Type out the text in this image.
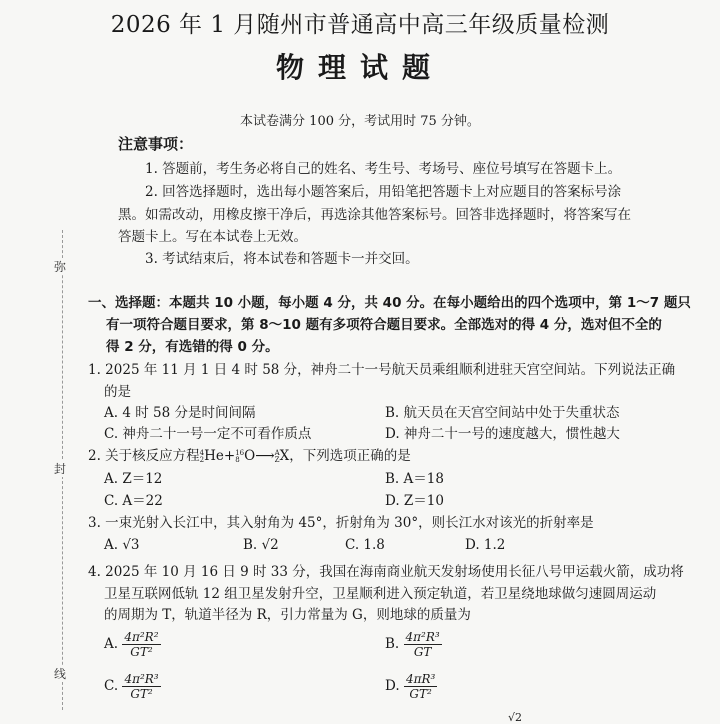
2026 年 1 月随州市普通高中高三年级质量检测
物理试题
本试卷满分 100 分，考试用时 75 分钟。
注意事项：
1. 答题前，考生务必将自己的姓名、考生号、考场号、座位号填写在答题卡上。
2. 回答选择题时，选出每小题答案后，用铅笔把答题卡上对应题目的答案标号涂
黑。如需改动，用橡皮擦干净后，再选涂其他答案标号。回答非选择题时，将答案写在
答题卡上。写在本试卷上无效。
3. 考试结束后，将本试卷和答题卡一并交回。
弥
封
线
一、选择题：本题共 10 小题，每小题 4 分，共 40 分。在每小题给出的四个选项中，第 1～7 题只
有一项符合题目要求，第 8～10 题有多项符合题目要求。全部选对的得 4 分，选对但不全的
得 2 分，有选错的得 0 分。
1. 2025 年 11 月 1 日 4 时 58 分，神舟二十一号航天员乘组顺利进驻天宫空间站。下列说法正确
的是
A. 4 时 58 分是时间间隔	B. 航天员在天宫空间站中处于失重状态
C. 神舟二十一号一定不可看作质点	D. 神舟二十一号的速度越大，惯性越大
2. 关于核反应方程 4
2 He+ 16
8 O⟶ A
Z X，下列选项正确的是
A. Z＝12	B. A＝18
C. A＝22	D. Z＝10
3. 一束光射入长江中，其入射角为 45°，折射角为 30°，则长江水对该光的折射率是
A. √3	B. √2	C. 1.8	D. 1.2
4. 2025 年 10 月 16 日 9 时 33 分，我国在海南商业航天发射场使用长征八号甲运载火箭，成功将
卫星互联网低轨 12 组卫星发射升空，卫星顺利进入预定轨道，若卫星绕地球做匀速圆周运动
的周期为 T，轨道半径为 R，引力常量为 G，则地球的质量为
A. $\frac{\text{4π²R²}}{\text{GT²}}$	B. $\frac{\text{4π²R³}}{GT}$
C. $\frac{\text{4π²R³}}{\text{GT²}}$	D. $\frac{\text{4πR³}}{\text{GT²}}$
√2
